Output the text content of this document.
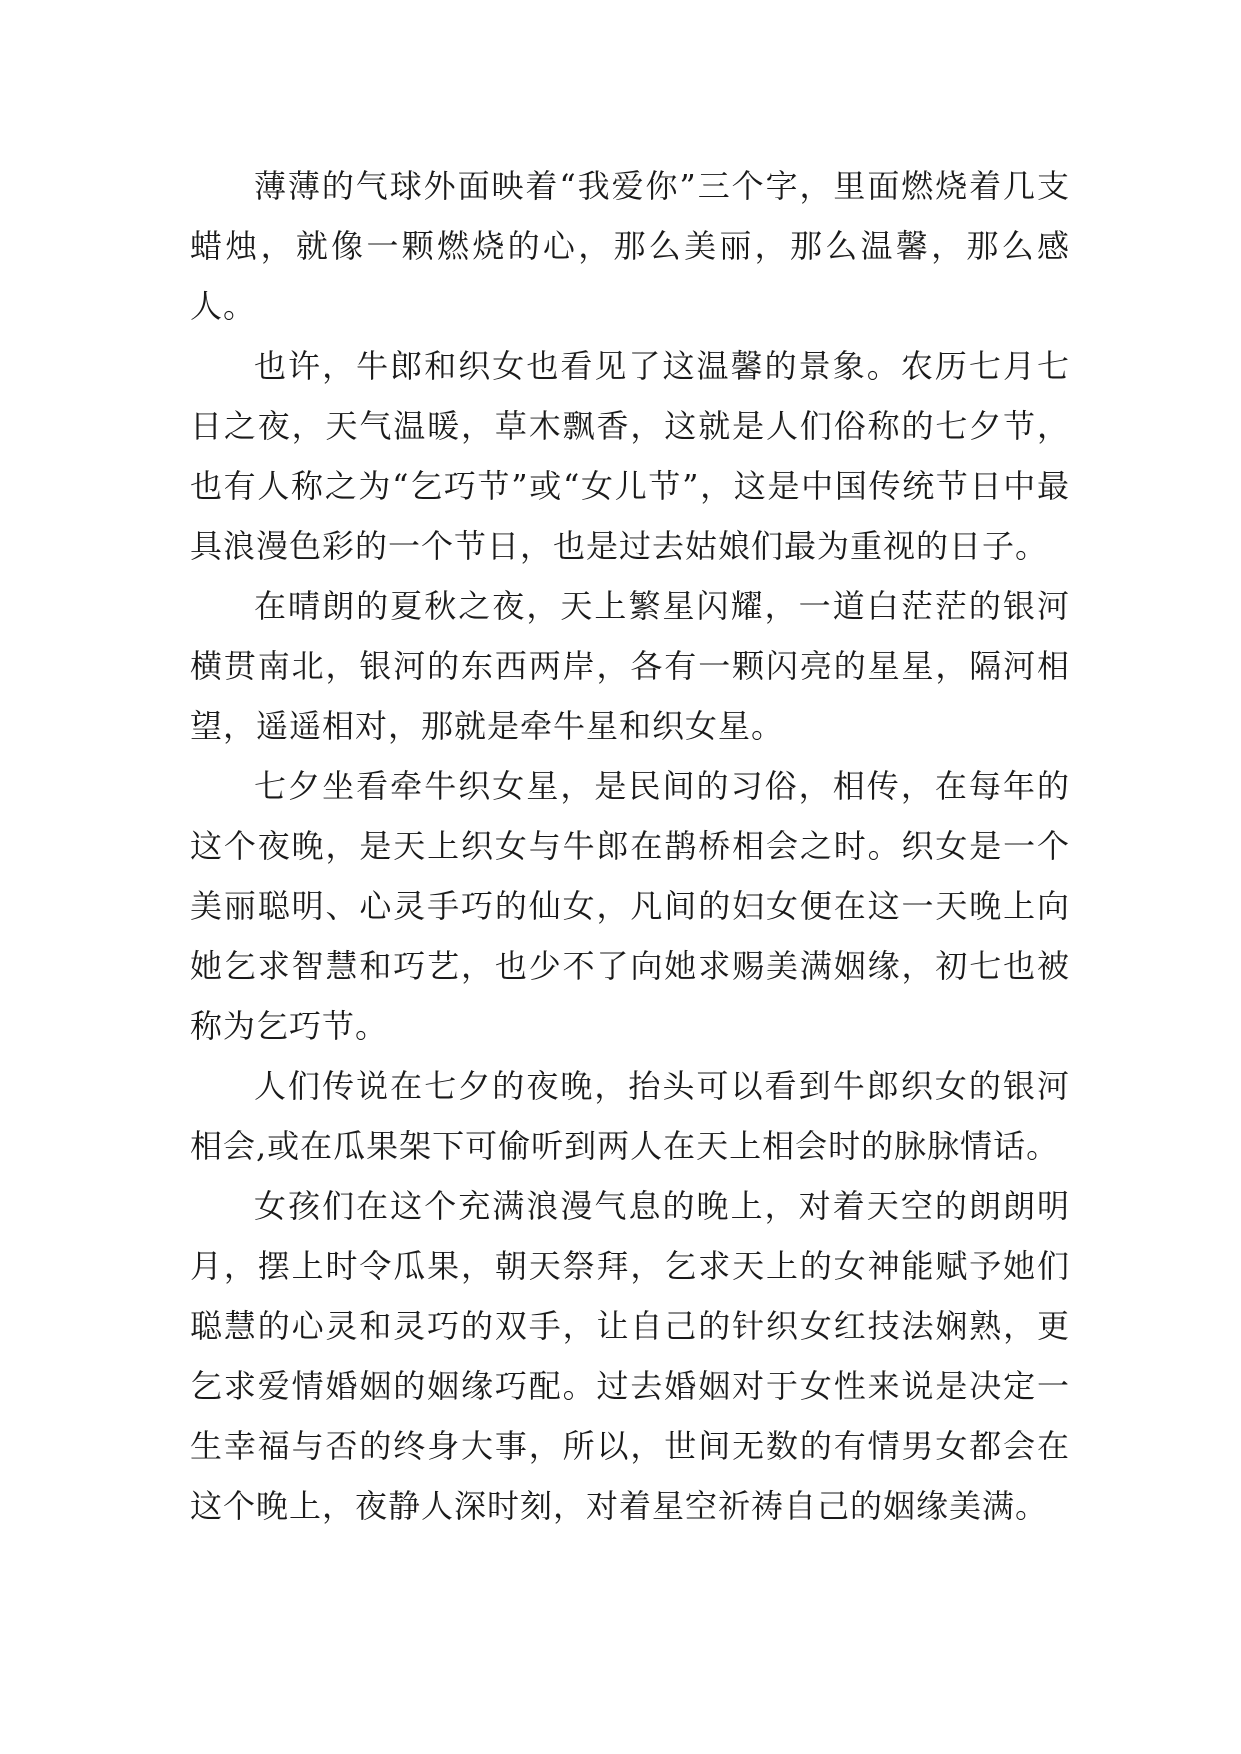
薄薄的气球外面映着“我爱你”三个字，里面燃烧着几支蜡烛，就像一颗燃烧的心，那么美丽，那么温馨，那么感人。

也许，牛郎和织女也看见了这温馨的景象。农历七月七日之夜，天气温暖，草木飘香，这就是人们俗称的七夕节，也有人称之为“乞巧节”或“女儿节”，这是中国传统节日中最具浪漫色彩的一个节日，也是过去姑娘们最为重视的日子。

在晴朗的夏秋之夜，天上繁星闪耀，一道白茫茫的银河横贯南北，银河的东西两岸，各有一颗闪亮的星星，隔河相望，遥遥相对，那就是牵牛星和织女星。

七夕坐看牵牛织女星，是民间的习俗，相传，在每年的这个夜晚，是天上织女与牛郎在鹊桥相会之时。织女是一个美丽聪明、心灵手巧的仙女，凡间的妇女便在这一天晚上向她乞求智慧和巧艺，也少不了向她求赐美满姻缘，初七也被称为乞巧节。

人们传说在七夕的夜晚，抬头可以看到牛郎织女的银河相会,或在瓜果架下可偷听到两人在天上相会时的脉脉情话。

女孩们在这个充满浪漫气息的晚上，对着天空的朗朗明月，摆上时令瓜果，朝天祭拜，乞求天上的女神能赋予她们聪慧的心灵和灵巧的双手，让自己的针织女红技法娴熟，更乞求爱情婚姻的姻缘巧配。过去婚姻对于女性来说是决定一生幸福与否的终身大事，所以，世间无数的有情男女都会在这个晚上，夜静人深时刻，对着星空祈祷自己的姻缘美满。
